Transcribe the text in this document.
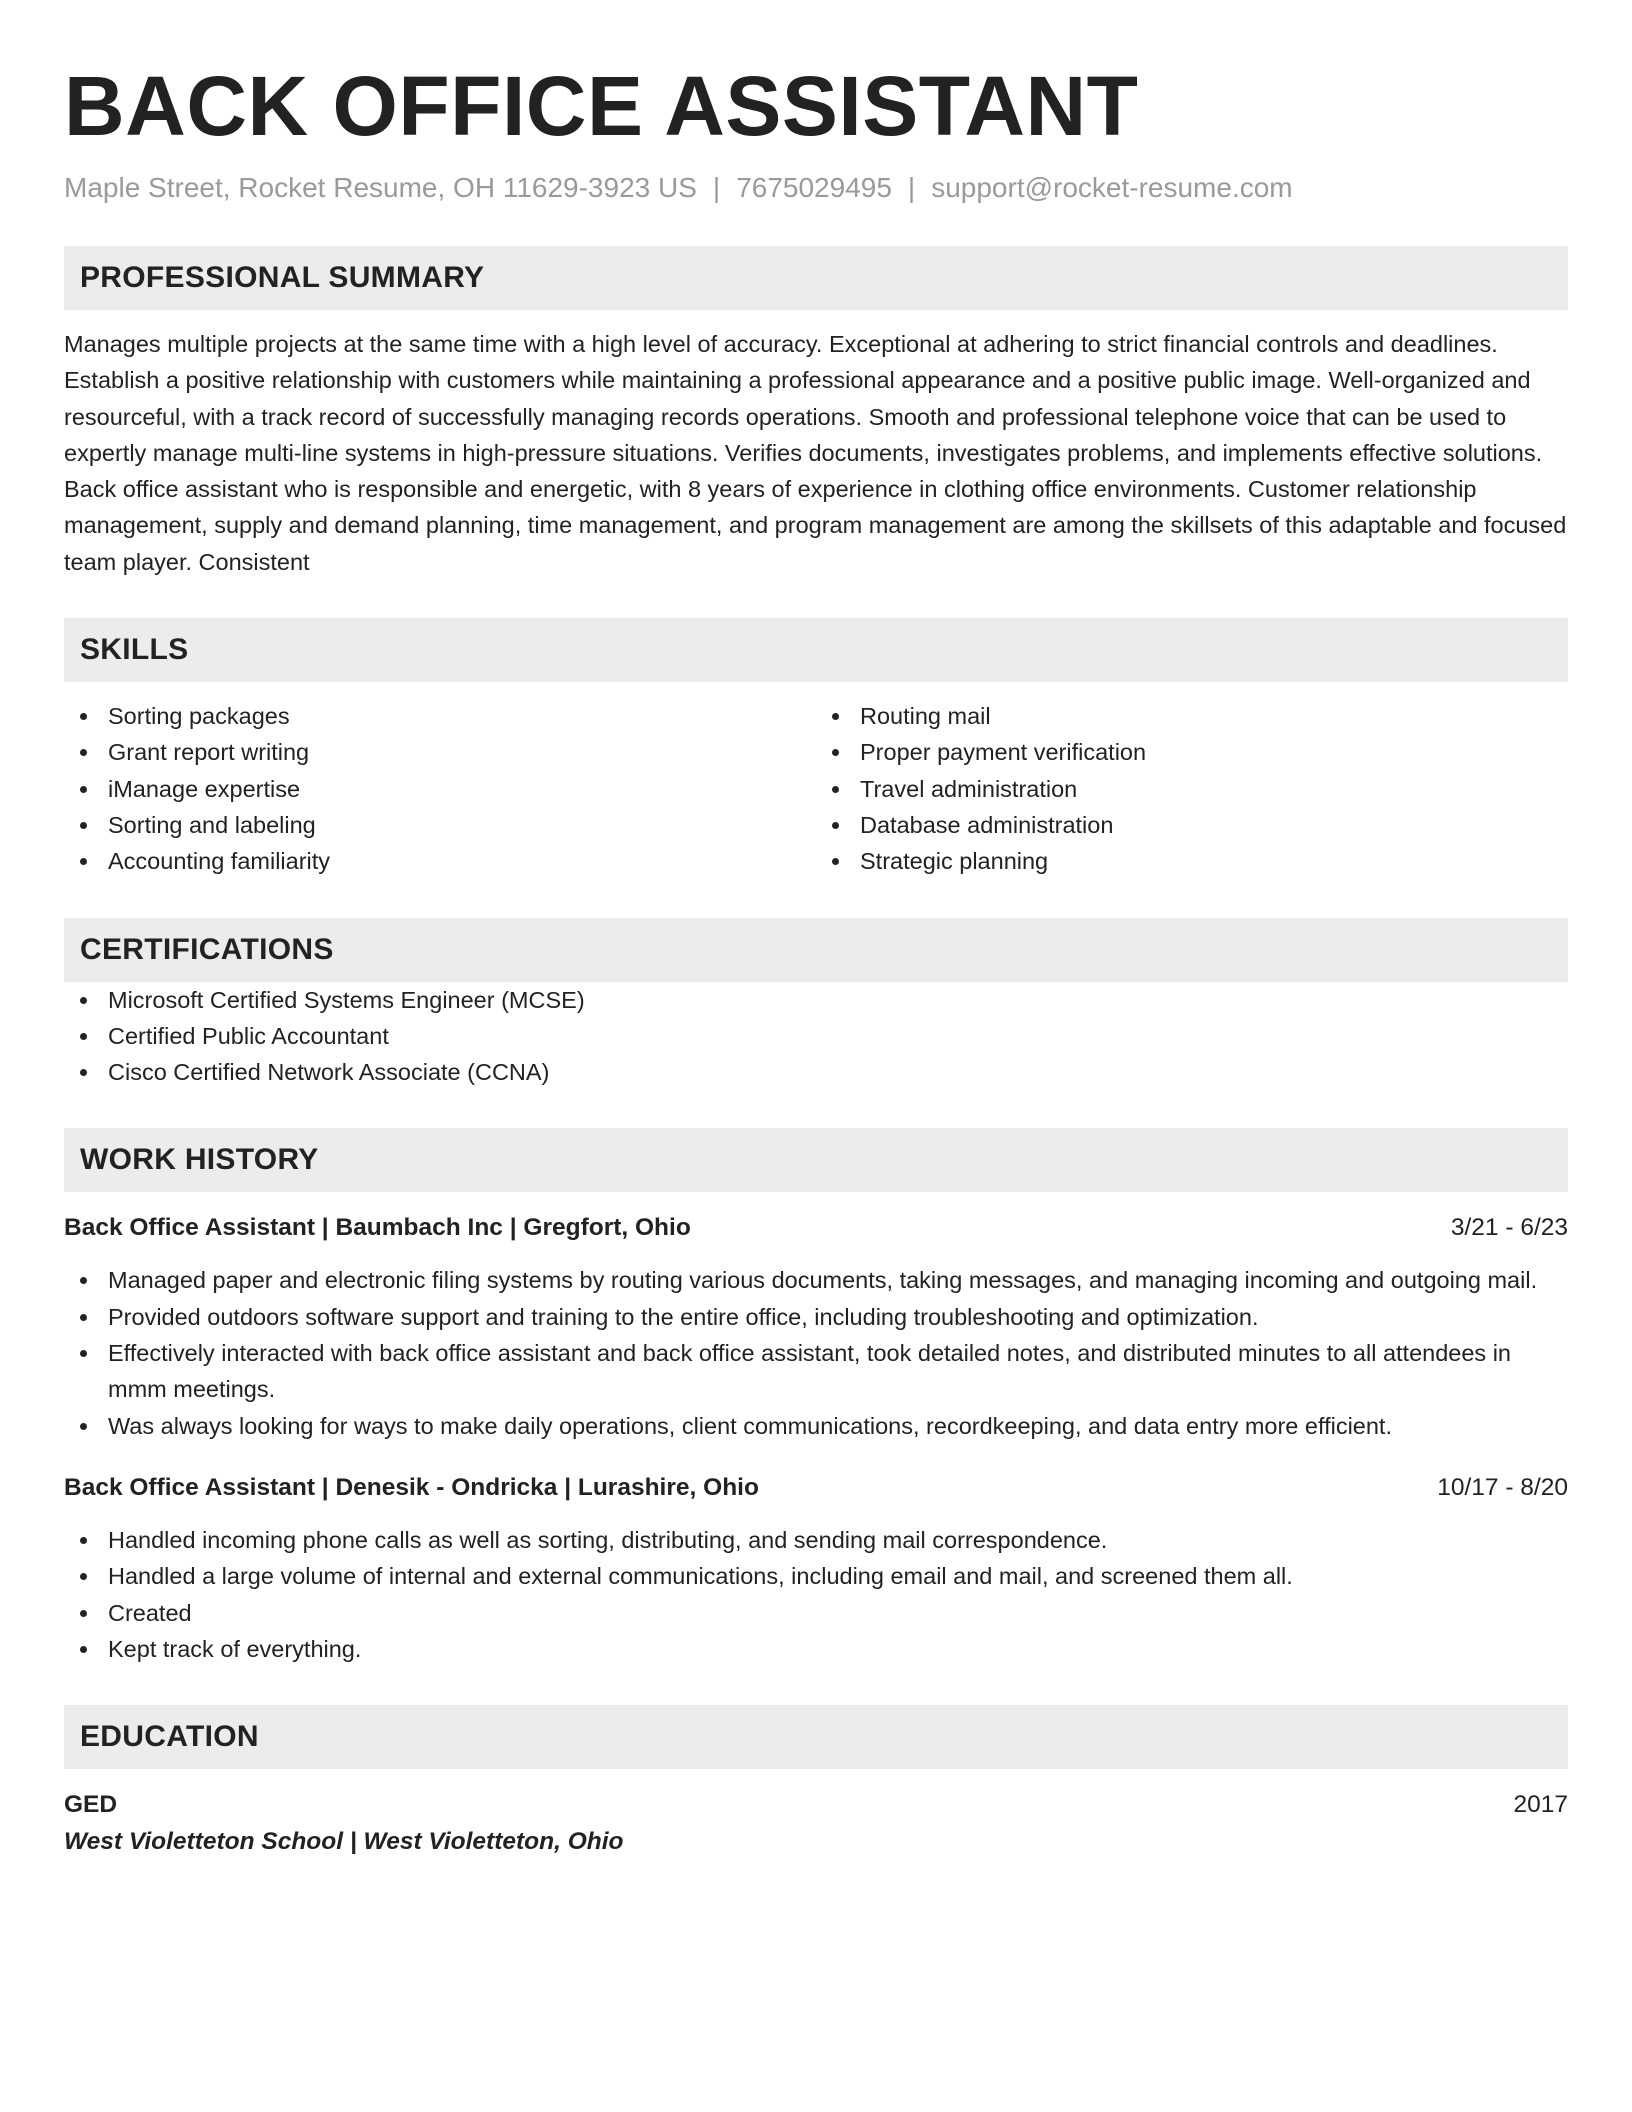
BACK OFFICE ASSISTANT
Maple Street, Rocket Resume, OH 11629-3923 US | 7675029495 | support@rocket-resume.com
PROFESSIONAL SUMMARY
Manages multiple projects at the same time with a high level of accuracy. Exceptional at adhering to strict financial controls and deadlines. Establish a positive relationship with customers while maintaining a professional appearance and a positive public image. Well-organized and resourceful, with a track record of successfully managing records operations. Smooth and professional telephone voice that can be used to expertly manage multi-line systems in high-pressure situations. Verifies documents, investigates problems, and implements effective solutions. Back office assistant who is responsible and energetic, with 8 years of experience in clothing office environments. Customer relationship management, supply and demand planning, time management, and program management are among the skillsets of this adaptable and focused team player. Consistent
SKILLS
Sorting packages
Grant report writing
iManage expertise
Sorting and labeling
Accounting familiarity
Routing mail
Proper payment verification
Travel administration
Database administration
Strategic planning
CERTIFICATIONS
Microsoft Certified Systems Engineer (MCSE)
Certified Public Accountant
Cisco Certified Network Associate (CCNA)
WORK HISTORY
Back Office Assistant | Baumbach Inc | Gregfort, Ohio	3/21 - 6/23
Managed paper and electronic filing systems by routing various documents, taking messages, and managing incoming and outgoing mail.
Provided outdoors software support and training to the entire office, including troubleshooting and optimization.
Effectively interacted with back office assistant and back office assistant, took detailed notes, and distributed minutes to all attendees in mmm meetings.
Was always looking for ways to make daily operations, client communications, recordkeeping, and data entry more efficient.
Back Office Assistant | Denesik - Ondricka | Lurashire, Ohio	10/17 - 8/20
Handled incoming phone calls as well as sorting, distributing, and sending mail correspondence.
Handled a large volume of internal and external communications, including email and mail, and screened them all.
Created
Kept track of everything.
EDUCATION
GED	2017
West Violetteton School | West Violetteton, Ohio
